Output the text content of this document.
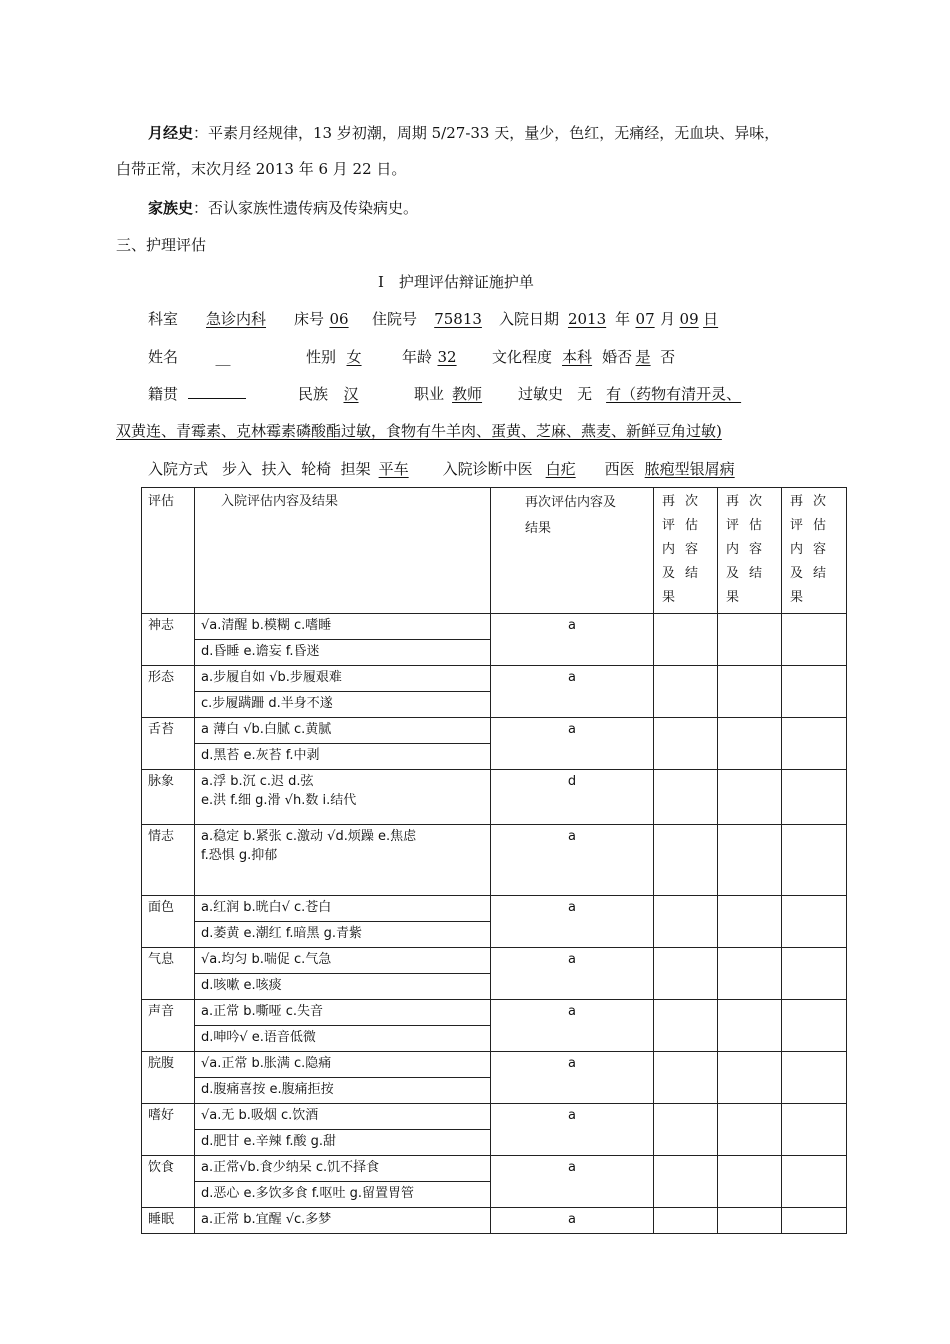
月经史：平素月经规律，13 岁初潮，周期 5/27-33 天，量少，色红，无痛经，无血块、异味，
白带正常，末次月经 2013 年 6 月 22 日。
家族史：否认家族性遗传病及传染病史。
三、护理评估
Ⅰ　护理评估辩证施护单
科室 急诊内科 床号 06 住院号 75813 入院日期 2013 年 07 月 09 日
姓名	__	性别 女	年龄 32 文化程度 本科 婚否 是 否
籍贯	民族 汉	职业 教师 过敏史 无 有（药物有清开灵、
双黄连、青霉素、克林霉素磷酸酯过敏，食物有牛羊肉、蛋黄、芝麻、燕麦、新鲜豆角过敏)
入院方式 步入  扶入  轮椅  担架 平车 入院诊断中医 白疕 西医 脓疱型银屑病
评估	入院评估内容及结果	再次评估内容及结果	再次评估内容及结果	再次评估内容及结果	再次评估内容及结果
神志	√a.清醒 b.模糊 c.嗜睡	a			
	d.昏睡 e.谵妄 f.昏迷				
形态	a.步履自如 √b.步履艰难	a			
	c.步履蹒跚 d.半身不遂				
舌苔	a 薄白 √b.白腻 c.黄腻	a			
	d.黑苔 e.灰苔 f.中剥				
脉象	a.浮 b.沉 c.迟 d.弦
e.洪 f.细 g.滑 √h.数 i.结代	d			
情志	a.稳定 b.紧张 c.激动 √d.烦躁 e.焦虑
f.恐惧 g.抑郁	a			
面色	a.红润 b.晄白√ c.苍白	a			
	d.萎黄 e.潮红 f.暗黑 g.青紫				
气息	√a.均匀 b.喘促 c.气急	a			
	d.咳嗽 e.咳痰				
声音	a.正常 b.嘶哑 c.失音	a			
	d.呻吟√ e.语音低微				
脘腹	√a.正常 b.胀满 c.隐痛	a			
	d.腹痛喜按 e.腹痛拒按				
嗜好	√a.无 b.吸烟 c.饮酒	a			
	d.肥甘 e.辛辣 f.酸 g.甜				
饮食	a.正常√b.食少纳呆 c.饥不择食	a			
	d.恶心 e.多饮多食 f.呕吐 g.留置胃管				
睡眠	a.正常 b.宜醒 √c.多梦	a			
